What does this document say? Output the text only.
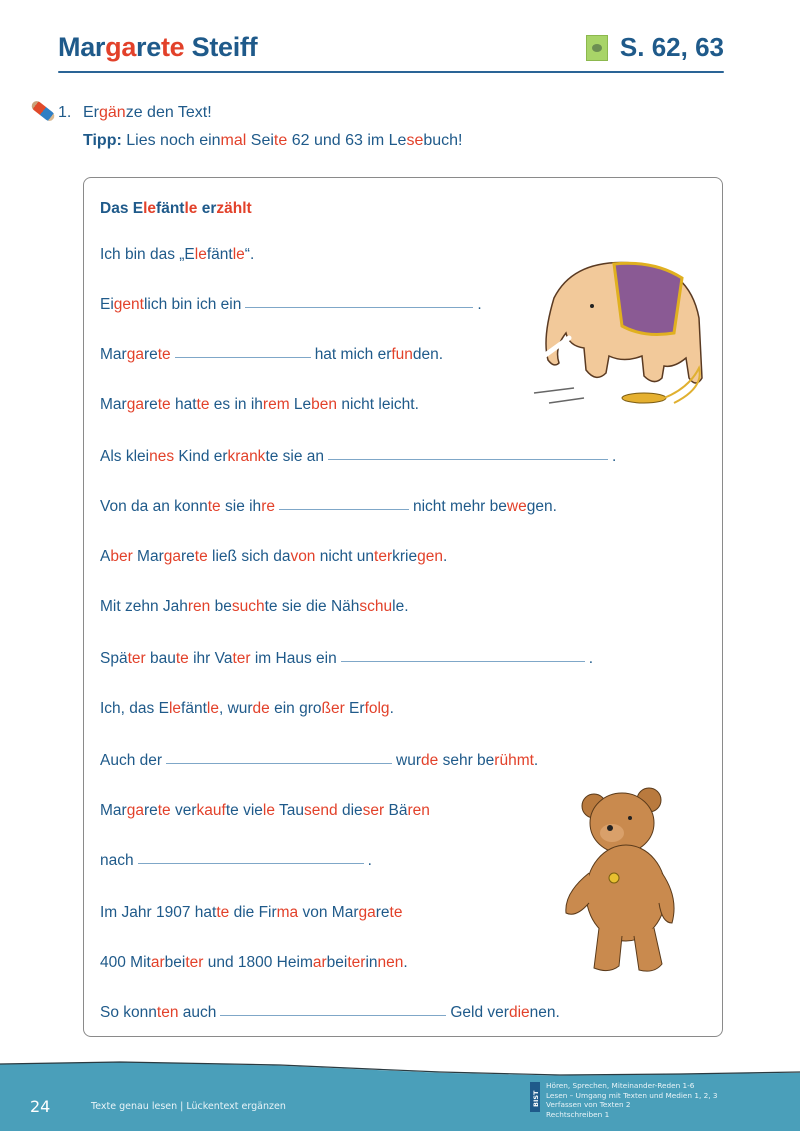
Margarete Steiff	S. 62, 63
1. Ergänze den Text!
Tipp: Lies noch einmal Seite 62 und 63 im Lesebuch!
Das Elefäntle erzählt
Ich bin das „Elefäntle“.
Eigentlich bin ich ein	.
Margarete	hat mich erfunden.
Margarete hatte es in ihrem Leben nicht leicht.
Als kleines Kind erkrankte sie an	.
Von da an konnte sie ihre	nicht mehr bewegen.
Aber Margarete ließ sich davon nicht unterkriegen.
Mit zehn Jahren besuchte sie die Nähschule.
Später baute ihr Vater im Haus ein	.
Ich, das Elefäntle, wurde ein großer Erfolg.
Auch der	wurde sehr berühmt.
Margarete verkaufte viele Tausend dieser Bären
nach	.
Im Jahr 1907 hatte die Firma von Margarete
400 Mitarbeiter und 1800 Heimarbeiterinnen.
So konnten auch	Geld verdienen.
24	Texte genau lesen | Lückentext ergänzen	BIST
Hören, Sprechen, Miteinander-Reden 1-6
Lesen – Umgang mit Texten und Medien 1, 2, 3
Verfassen von Texten 2
Rechtschreiben 1
